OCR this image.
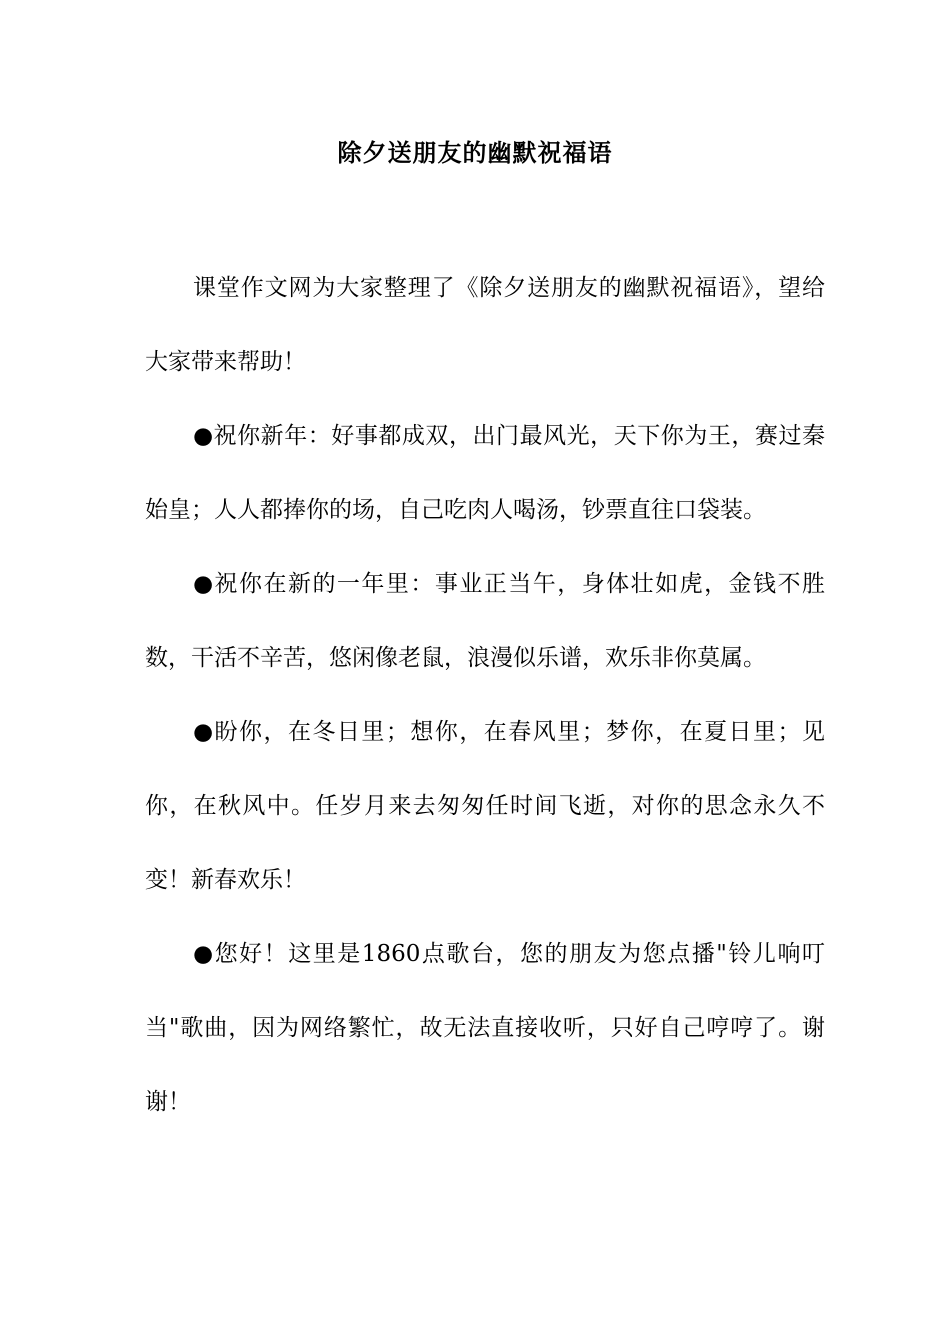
除夕送朋友的幽默祝福语

课堂作文网为大家整理了《除夕送朋友的幽默祝福语》，望给大家带来帮助！

●祝你新年：好事都成双，出门最风光，天下你为王，赛过秦始皇；人人都捧你的场，自己吃肉人喝汤，钞票直往口袋装。

●祝你在新的一年里：事业正当午，身体壮如虎，金钱不胜数，干活不辛苦，悠闲像老鼠，浪漫似乐谱，欢乐非你莫属。

●盼你，在冬日里；想你，在春风里；梦你，在夏日里；见你，在秋风中。任岁月来去匆匆任时间飞逝，对你的思念永久不变！新春欢乐！

●您好！这里是1860点歌台，您的朋友为您点播"铃儿响叮当"歌曲，因为网络繁忙，故无法直接收听，只好自己哼哼了。谢谢！
